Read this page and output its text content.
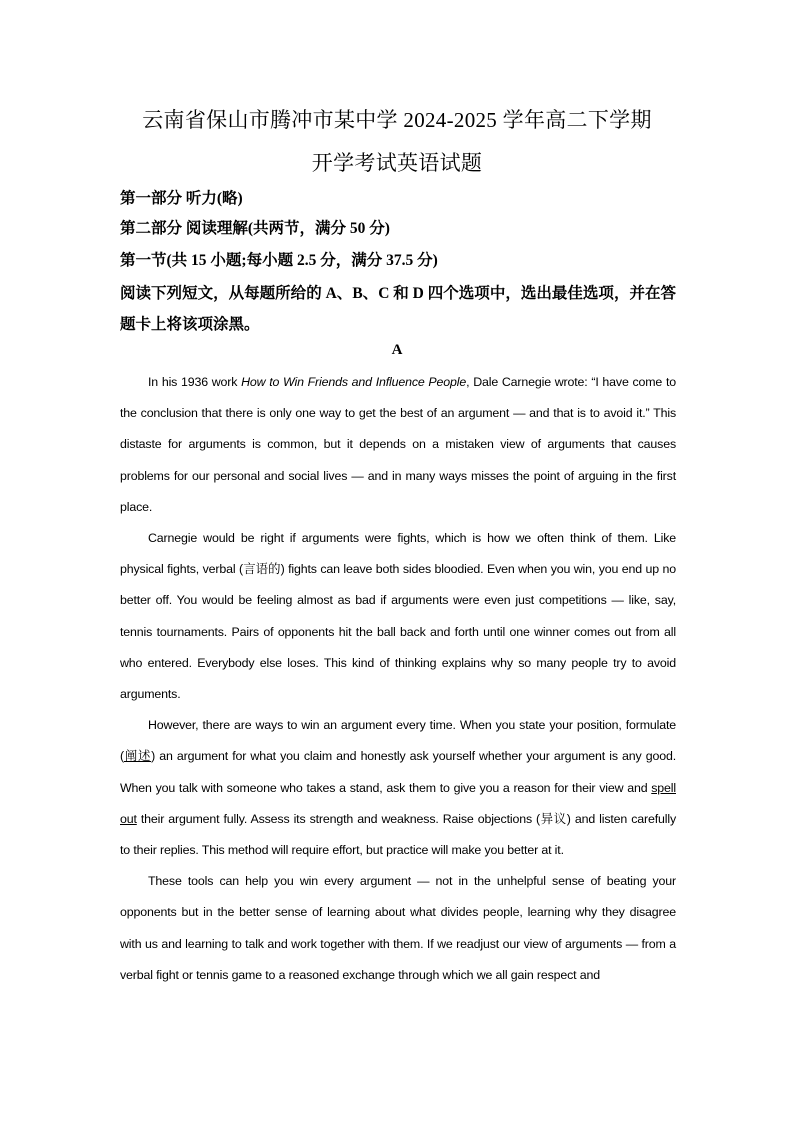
云南省保山市腾冲市某中学 2024-2025 学年高二下学期
开学考试英语试题
第一部分 听力(略)
第二部分 阅读理解(共两节，满分 50 分)
第一节(共 15 小题;每小题 2.5 分，满分 37.5 分)
阅读下列短文，从每题所给的 A、B、C 和 D 四个选项中，选出最佳选项，并在答题卡上将该项涂黑。
A

In his 1936 work How to Win Friends and Influence People, Dale Carnegie wrote: “I have come to the conclusion that there is only one way to get the best of an argument — and that is to avoid it.” This distaste for arguments is common, but it depends on a mistaken view of arguments that causes problems for our personal and social lives — and in many ways misses the point of arguing in the first place.

Carnegie would be right if arguments were fights, which is how we often think of them. Like physical fights, verbal (言语的) fights can leave both sides bloodied. Even when you win, you end up no better off. You would be feeling almost as bad if arguments were even just competitions — like, say, tennis tournaments. Pairs of opponents hit the ball back and forth until one winner comes out from all who entered. Everybody else loses. This kind of thinking explains why so many people try to avoid arguments.

However, there are ways to win an argument every time. When you state your position, formulate (阐述) an argument for what you claim and honestly ask yourself whether your argument is any good. When you talk with someone who takes a stand, ask them to give you a reason for their view and spell out their argument fully. Assess its strength and weakness. Raise objections (异议) and listen carefully to their replies. This method will require effort, but practice will make you better at it.

These tools can help you win every argument — not in the unhelpful sense of beating your opponents but in the better sense of learning about what divides people, learning why they disagree with us and learning to talk and work together with them. If we readjust our view of arguments — from a verbal fight or tennis game to a reasoned exchange through which we all gain respect and
